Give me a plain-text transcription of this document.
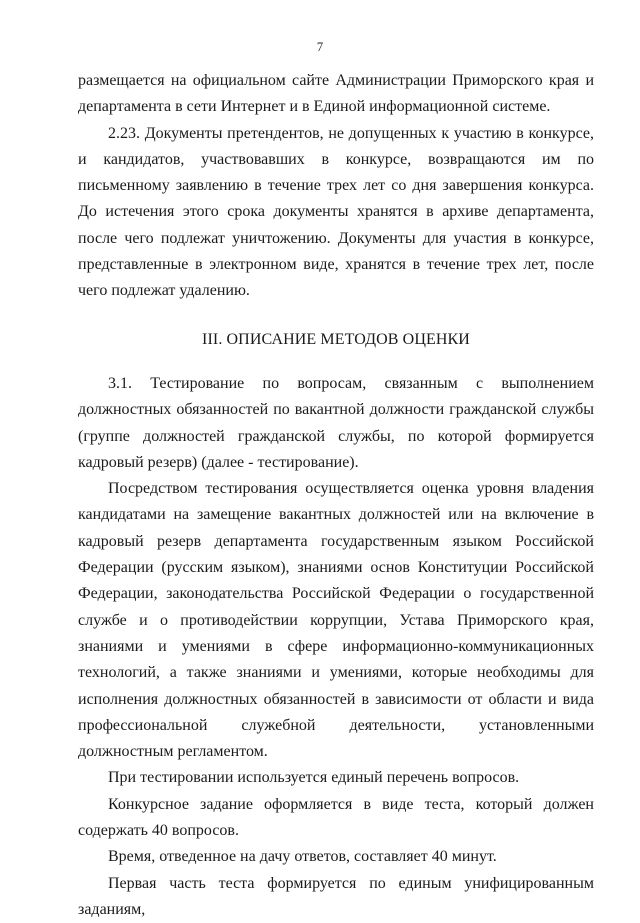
7

размещается на официальном сайте Администрации Приморского края и департамента в сети Интернет и в Единой информационной системе.

2.23. Документы претендентов, не допущенных к участию в конкурсе, и кандидатов, участвовавших в конкурсе, возвращаются им по письменному заявлению в течение трех лет со дня завершения конкурса. До истечения этого срока документы хранятся в архиве департамента, после чего подлежат уничтожению. Документы для участия в конкурсе, представленные в электронном виде, хранятся в течение трех лет, после чего подлежат удалению.

III. ОПИСАНИЕ МЕТОДОВ ОЦЕНКИ

3.1. Тестирование по вопросам, связанным с выполнением должностных обязанностей по вакантной должности гражданской службы (группе должностей гражданской службы, по которой формируется кадровый резерв) (далее - тестирование).

Посредством тестирования осуществляется оценка уровня владения кандидатами на замещение вакантных должностей или на включение в кадровый резерв департамента государственным языком Российской Федерации (русским языком), знаниями основ Конституции Российской Федерации, законодательства Российской Федерации о государственной службе и о противодействии коррупции, Устава Приморского края, знаниями и умениями в сфере информационно-коммуникационных технологий, а также знаниями и умениями, которые необходимы для исполнения должностных обязанностей в зависимости от области и вида профессиональной служебной деятельности, установленными должностным регламентом.

При тестировании используется единый перечень вопросов.

Конкурсное задание оформляется в виде теста, который должен содержать 40 вопросов.

Время, отведенное на дачу ответов, составляет 40 минут.

Первая часть теста формируется по единым унифицированным заданиям,
